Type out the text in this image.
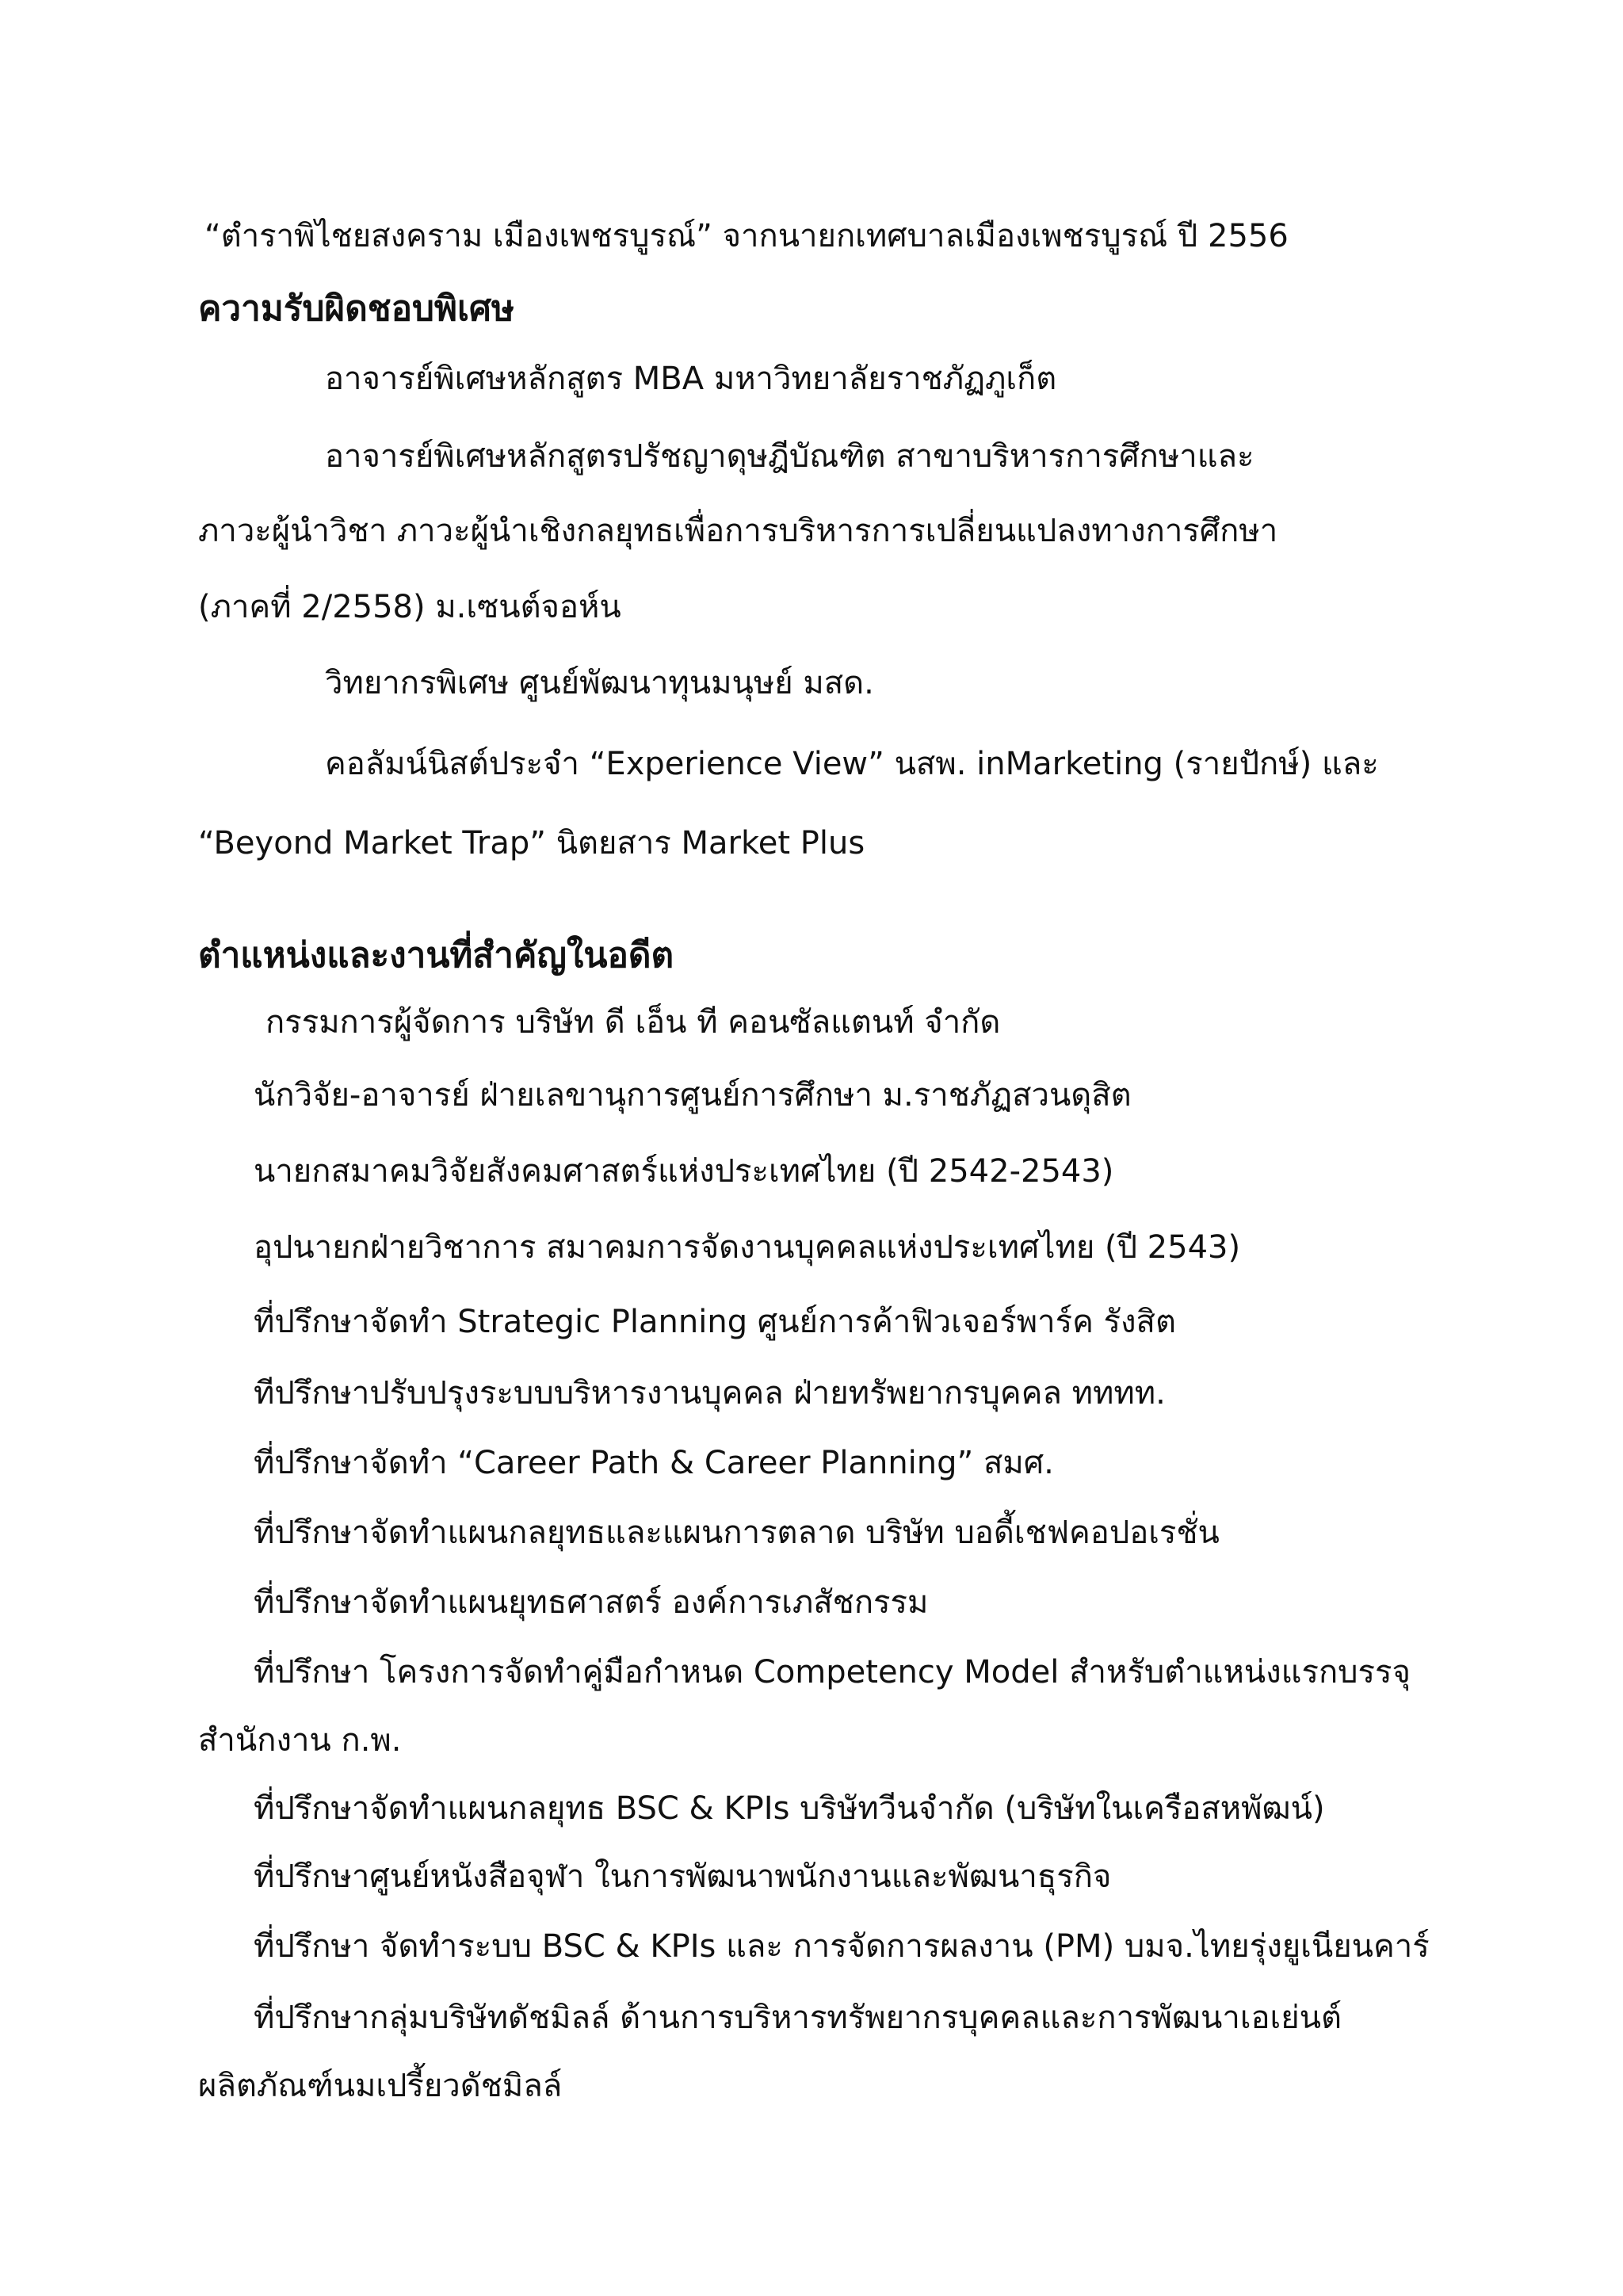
“ตำราพิไชยสงคราม เมืองเพชรบูรณ์” จากนายกเทศบาลเมืองเพชรบูรณ์ ปี 2556
ความรับผิดชอบพิเศษ
อาจารย์พิเศษหลักสูตร MBA มหาวิทยาลัยราชภัฏภูเก็ต
อาจารย์พิเศษหลักสูตรปรัชญาดุษฎีบัณฑิต สาขาบริหารการศึกษาและ
ภาวะผู้นำวิชา ภาวะผู้นำเชิงกลยุทธเพื่อการบริหารการเปลี่ยนแปลงทางการศึกษา
(ภาคที่ 2/2558) ม.เซนต์จอห์น
วิทยากรพิเศษ ศูนย์พัฒนาทุนมนุษย์ มสด.
คอลัมน์นิสต์ประจำ “Experience View” นสพ. inMarketing (รายปักษ์) และ
“Beyond Market Trap” นิตยสาร Market Plus
ตำแหน่งและงานที่สำคัญในอดีต
กรรมการผู้จัดการ บริษัท ดี เอ็น ที คอนซัลแตนท์ จำกัด
นักวิจัย-อาจารย์ ฝ่ายเลขานุการศูนย์การศึกษา ม.ราชภัฏสวนดุสิต
นายกสมาคมวิจัยสังคมศาสตร์แห่งประเทศไทย (ปี 2542-2543)
อุปนายกฝ่ายวิชาการ สมาคมการจัดงานบุคคลแห่งประเทศไทย (ปี 2543)
ที่ปรึกษาจัดทำ Strategic Planning ศูนย์การค้าฟิวเจอร์พาร์ค รังสิต
ทีปรึกษาปรับปรุงระบบบริหารงานบุคคล ฝ่ายทรัพยากรบุคคล ทททท.
ที่ปรึกษาจัดทำ “Career Path & Career Planning” สมศ.
ที่ปรึกษาจัดทำแผนกลยุทธและแผนการตลาด บริษัท บอดี้เชฟคอปอเรชั่น
ที่ปรึกษาจัดทำแผนยุทธศาสตร์ องค์การเภสัชกรรม
ที่ปรึกษา โครงการจัดทำคู่มือกำหนด Competency Model สำหรับตำแหน่งแรกบรรจุ
สำนักงาน ก.พ.
ที่ปรึกษาจัดทำแผนกลยุทธ BSC & KPIs บริษัทวีนจำกัด (บริษัทในเครือสหพัฒน์)
ที่ปรึกษาศูนย์หนังสือจุฬา ในการพัฒนาพนักงานและพัฒนาธุรกิจ
ที่ปรึกษา จัดทำระบบ BSC & KPIs และ การจัดการผลงาน (PM) บมจ.ไทยรุ่งยูเนียนคาร์
ที่ปรึกษากลุ่มบริษัทดัชมิลล์ ด้านการบริหารทรัพยากรบุคคลและการพัฒนาเอเย่นต์
ผลิตภัณฑ์นมเปรี้ยวดัชมิลล์
